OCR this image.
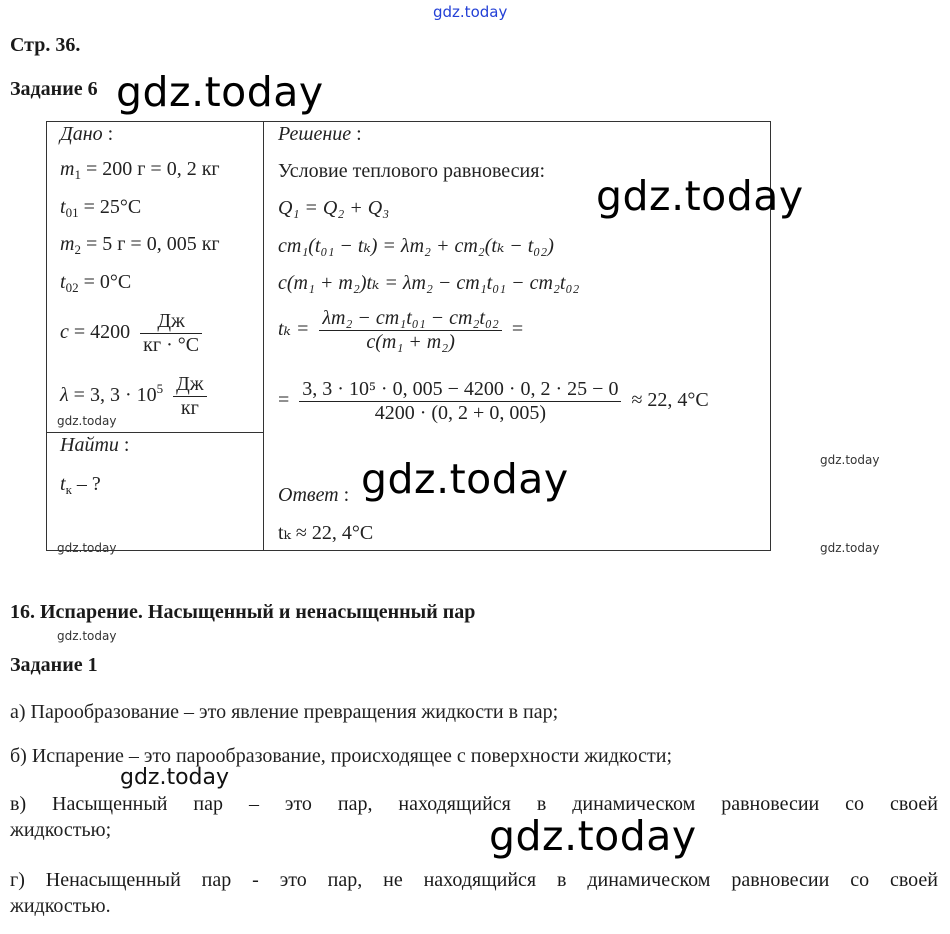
gdz.today
Стр. 36.
Задание 6 gdz.today
Дано :
$m_1 = 200$ г = 0, 2 кг
$t_{01} = 25^\circ С$
$m_2 = 5$ г = 0, 005 кг
$t_{02} = 0^\circ С$
$c = 4200 \frac{Дж}{кг \cdot ^\circ С}$
λ = 3, $3 \cdot 10^5 \frac{Дж}{кг}$
gdz.today
Найти :
$t_к$ – ?
gdz.today
Решение :
Условие теплового равновесия:
gdz.today
Q₁ = Q₂ + Q₃
cm₁(t₀₁ − tₖ) = λm₂ + cm₂(tₖ − t₀₂)
c(m₁ + m₂)tₖ = λm₂ − cm₁t₀₁ − cm₂t₀₂
$t_k = \frac{\text{λm₂ − cm₁t₀₁ − cm₂t₀₂}}{\text{c(m₁ + m₂)}}$ =
= $\frac{\text{3, 3 · 10⁵ · 0, 005 − 4200 · 0, 2 · 25 − 0}}{4200 \cdot (0, 2 + 0, 005)} \approx 22$, 4°С
gdz.today	gdz.today
Ответ :
tₖ ≈ 22, 4°С
gdz.today
16. Испарение. Насыщенный и ненасыщенный пар
gdz.today
Задание 1
а) Парообразование – это явление превращения жидкости в пар;
б) Испарение – это парообразование, происходящее с поверхности жидкости;
gdz.today
в) Насыщенный пар – это пар, находящийся в динамическом равновесии со своей
жидкостью;	gdz.today
г) Ненасыщенный пар - это пар, не находящийся в динамическом равновесии со своей
жидкостью.
